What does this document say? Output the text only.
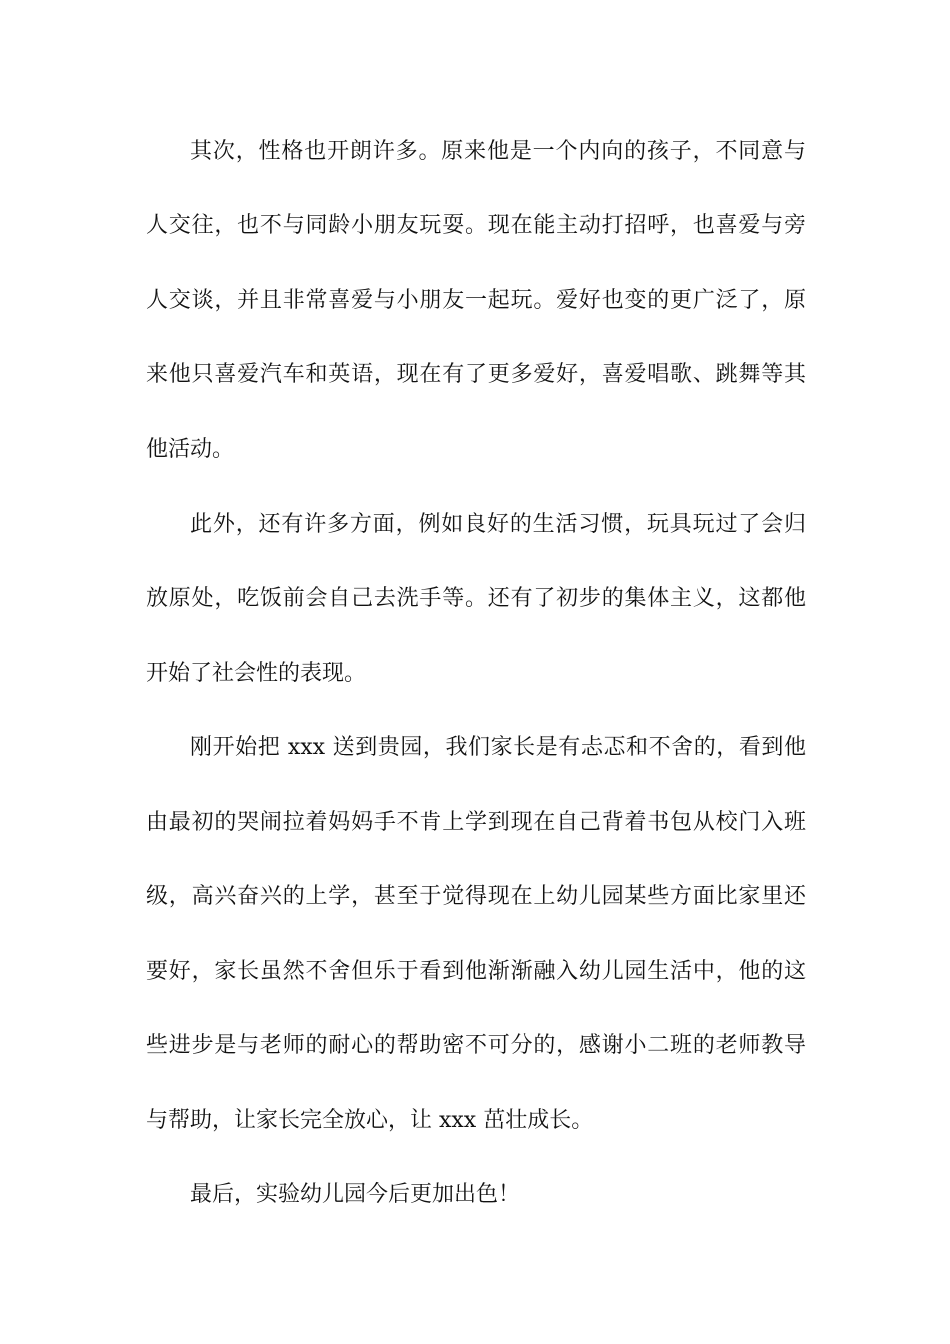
其次，性格也开朗许多。原来他是一个内向的孩子，不同意与
人交往，也不与同龄小朋友玩耍。现在能主动打招呼，也喜爱与旁
人交谈，并且非常喜爱与小朋友一起玩。爱好也变的更广泛了，原
来他只喜爱汽车和英语，现在有了更多爱好，喜爱唱歌、跳舞等其
他活动。
此外，还有许多方面，例如良好的生活习惯，玩具玩过了会归
放原处，吃饭前会自己去洗手等。还有了初步的集体主义，这都他
开始了社会性的表现。
刚开始把 xxx 送到贵园，我们家长是有忐忑和不舍的，看到他
由最初的哭闹拉着妈妈手不肯上学到现在自己背着书包从校门入班
级，高兴奋兴的上学，甚至于觉得现在上幼儿园某些方面比家里还
要好，家长虽然不舍但乐于看到他渐渐融入幼儿园生活中，他的这
些进步是与老师的耐心的帮助密不可分的，感谢小二班的老师教导
与帮助，让家长完全放心，让 xxx 茁壮成长。
最后，实验幼儿园今后更加出色！
